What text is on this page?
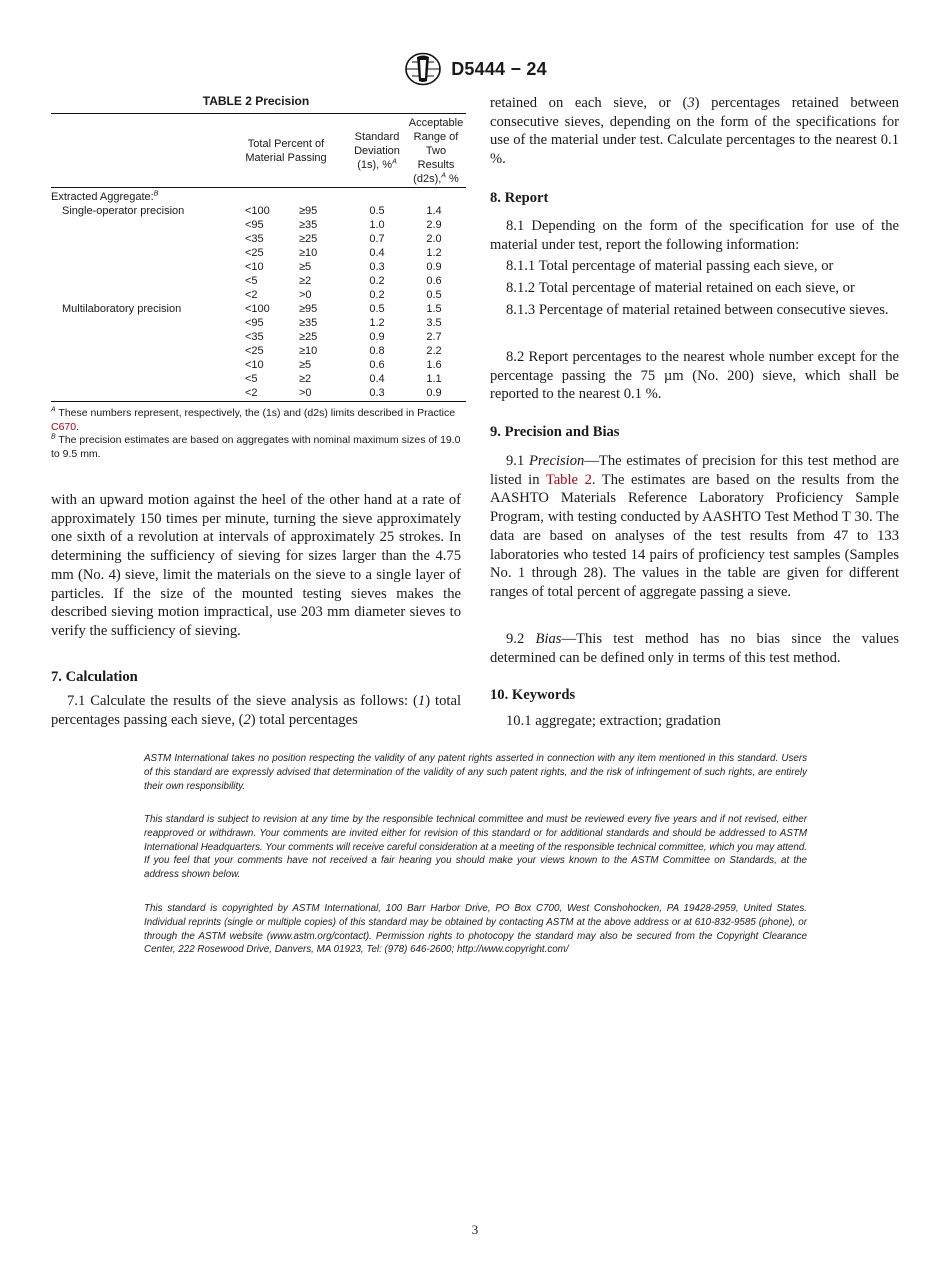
D5444 − 24
TABLE 2 Precision
Total Percent of
Material Passing
Standard
Deviation
(1s), %$^A$
Acceptable
Range of
Two
Results
(d2s),$^A$ %
Extracted Aggregate:$^B$
Single-operator precision	<100	≥95	0.5	1.4
<95	≥35	1.0	2.9
<35	≥25	0.7	2.0
<25	≥10	0.4	1.2
<10	≥5	0.3	0.9
<5	≥2	0.2	0.6
<2	>0	0.2	0.5
Multilaboratory precision	<100	≥95	0.5	1.5
<95	≥35	1.2	3.5
<35	≥25	0.9	2.7
<25	≥10	0.8	2.2
<10	≥5	0.6	1.6
<5	≥2	0.4	1.1
<2	>0	0.3	0.9
$^A$ These numbers represent, respectively, the (1s) and (d2s) limits described in Practice C670.
$^B$ The precision estimates are based on aggregates with nominal maximum sizes of 19.0 to 9.5 mm.
with an upward motion against the heel of the other hand at a rate of approximately 150 times per minute, turning the sieve approximately one sixth of a revolution at intervals of approximately 25 strokes. In determining the sufficiency of sieving for sizes larger than the 4.75 mm (No. 4) sieve, limit the materials on the sieve to a single layer of particles. If the size of the mounted testing sieves makes the described sieving motion impractical, use 203 mm diameter sieves to verify the sufficiency of sieving.
7. Calculation
7.1 Calculate the results of the sieve analysis as follows: (1) total percentages passing each sieve, (2) total percentages
retained on each sieve, or (3) percentages retained between consecutive sieves, depending on the form of the specifications for use of the material under test. Calculate percentages to the nearest 0.1 %.
8. Report
8.1 Depending on the form of the specification for use of the material under test, report the following information:
8.1.1 Total percentage of material passing each sieve, or
8.1.2 Total percentage of material retained on each sieve, or
8.1.3 Percentage of material retained between consecutive sieves.
8.2 Report percentages to the nearest whole number except for the percentage passing the 75 µm (No. 200) sieve, which shall be reported to the nearest 0.1 %.
9. Precision and Bias
9.1 Precision—The estimates of precision for this test method are listed in Table 2. The estimates are based on the results from the AASHTO Materials Reference Laboratory Proficiency Sample Program, with testing conducted by AASHTO Test Method T 30. The data are based on analyses of the test results from 47 to 133 laboratories who tested 14 pairs of proficiency test samples (Samples No. 1 through 28). The values in the table are given for different ranges of total percent of aggregate passing a sieve.
9.2 Bias—This test method has no bias since the values determined can be defined only in terms of this test method.
10. Keywords
10.1 aggregate; extraction; gradation
ASTM International takes no position respecting the validity of any patent rights asserted in connection with any item mentioned in this standard. Users of this standard are expressly advised that determination of the validity of any such patent rights, and the risk of infringement of such rights, are entirely their own responsibility.
This standard is subject to revision at any time by the responsible technical committee and must be reviewed every five years and if not revised, either reapproved or withdrawn. Your comments are invited either for revision of this standard or for additional standards and should be addressed to ASTM International Headquarters. Your comments will receive careful consideration at a meeting of the responsible technical committee, which you may attend. If you feel that your comments have not received a fair hearing you should make your views known to the ASTM Committee on Standards, at the address shown below.
This standard is copyrighted by ASTM International, 100 Barr Harbor Drive, PO Box C700, West Conshohocken, PA 19428-2959, United States. Individual reprints (single or multiple copies) of this standard may be obtained by contacting ASTM at the above address or at 610-832-9585 (phone), or through the ASTM website (www.astm.org/contact). Permission rights to photocopy the standard may also be secured from the Copyright Clearance Center, 222 Rosewood Drive, Danvers, MA 01923, Tel: (978) 646-2600; http://www.copyright.com/
3
